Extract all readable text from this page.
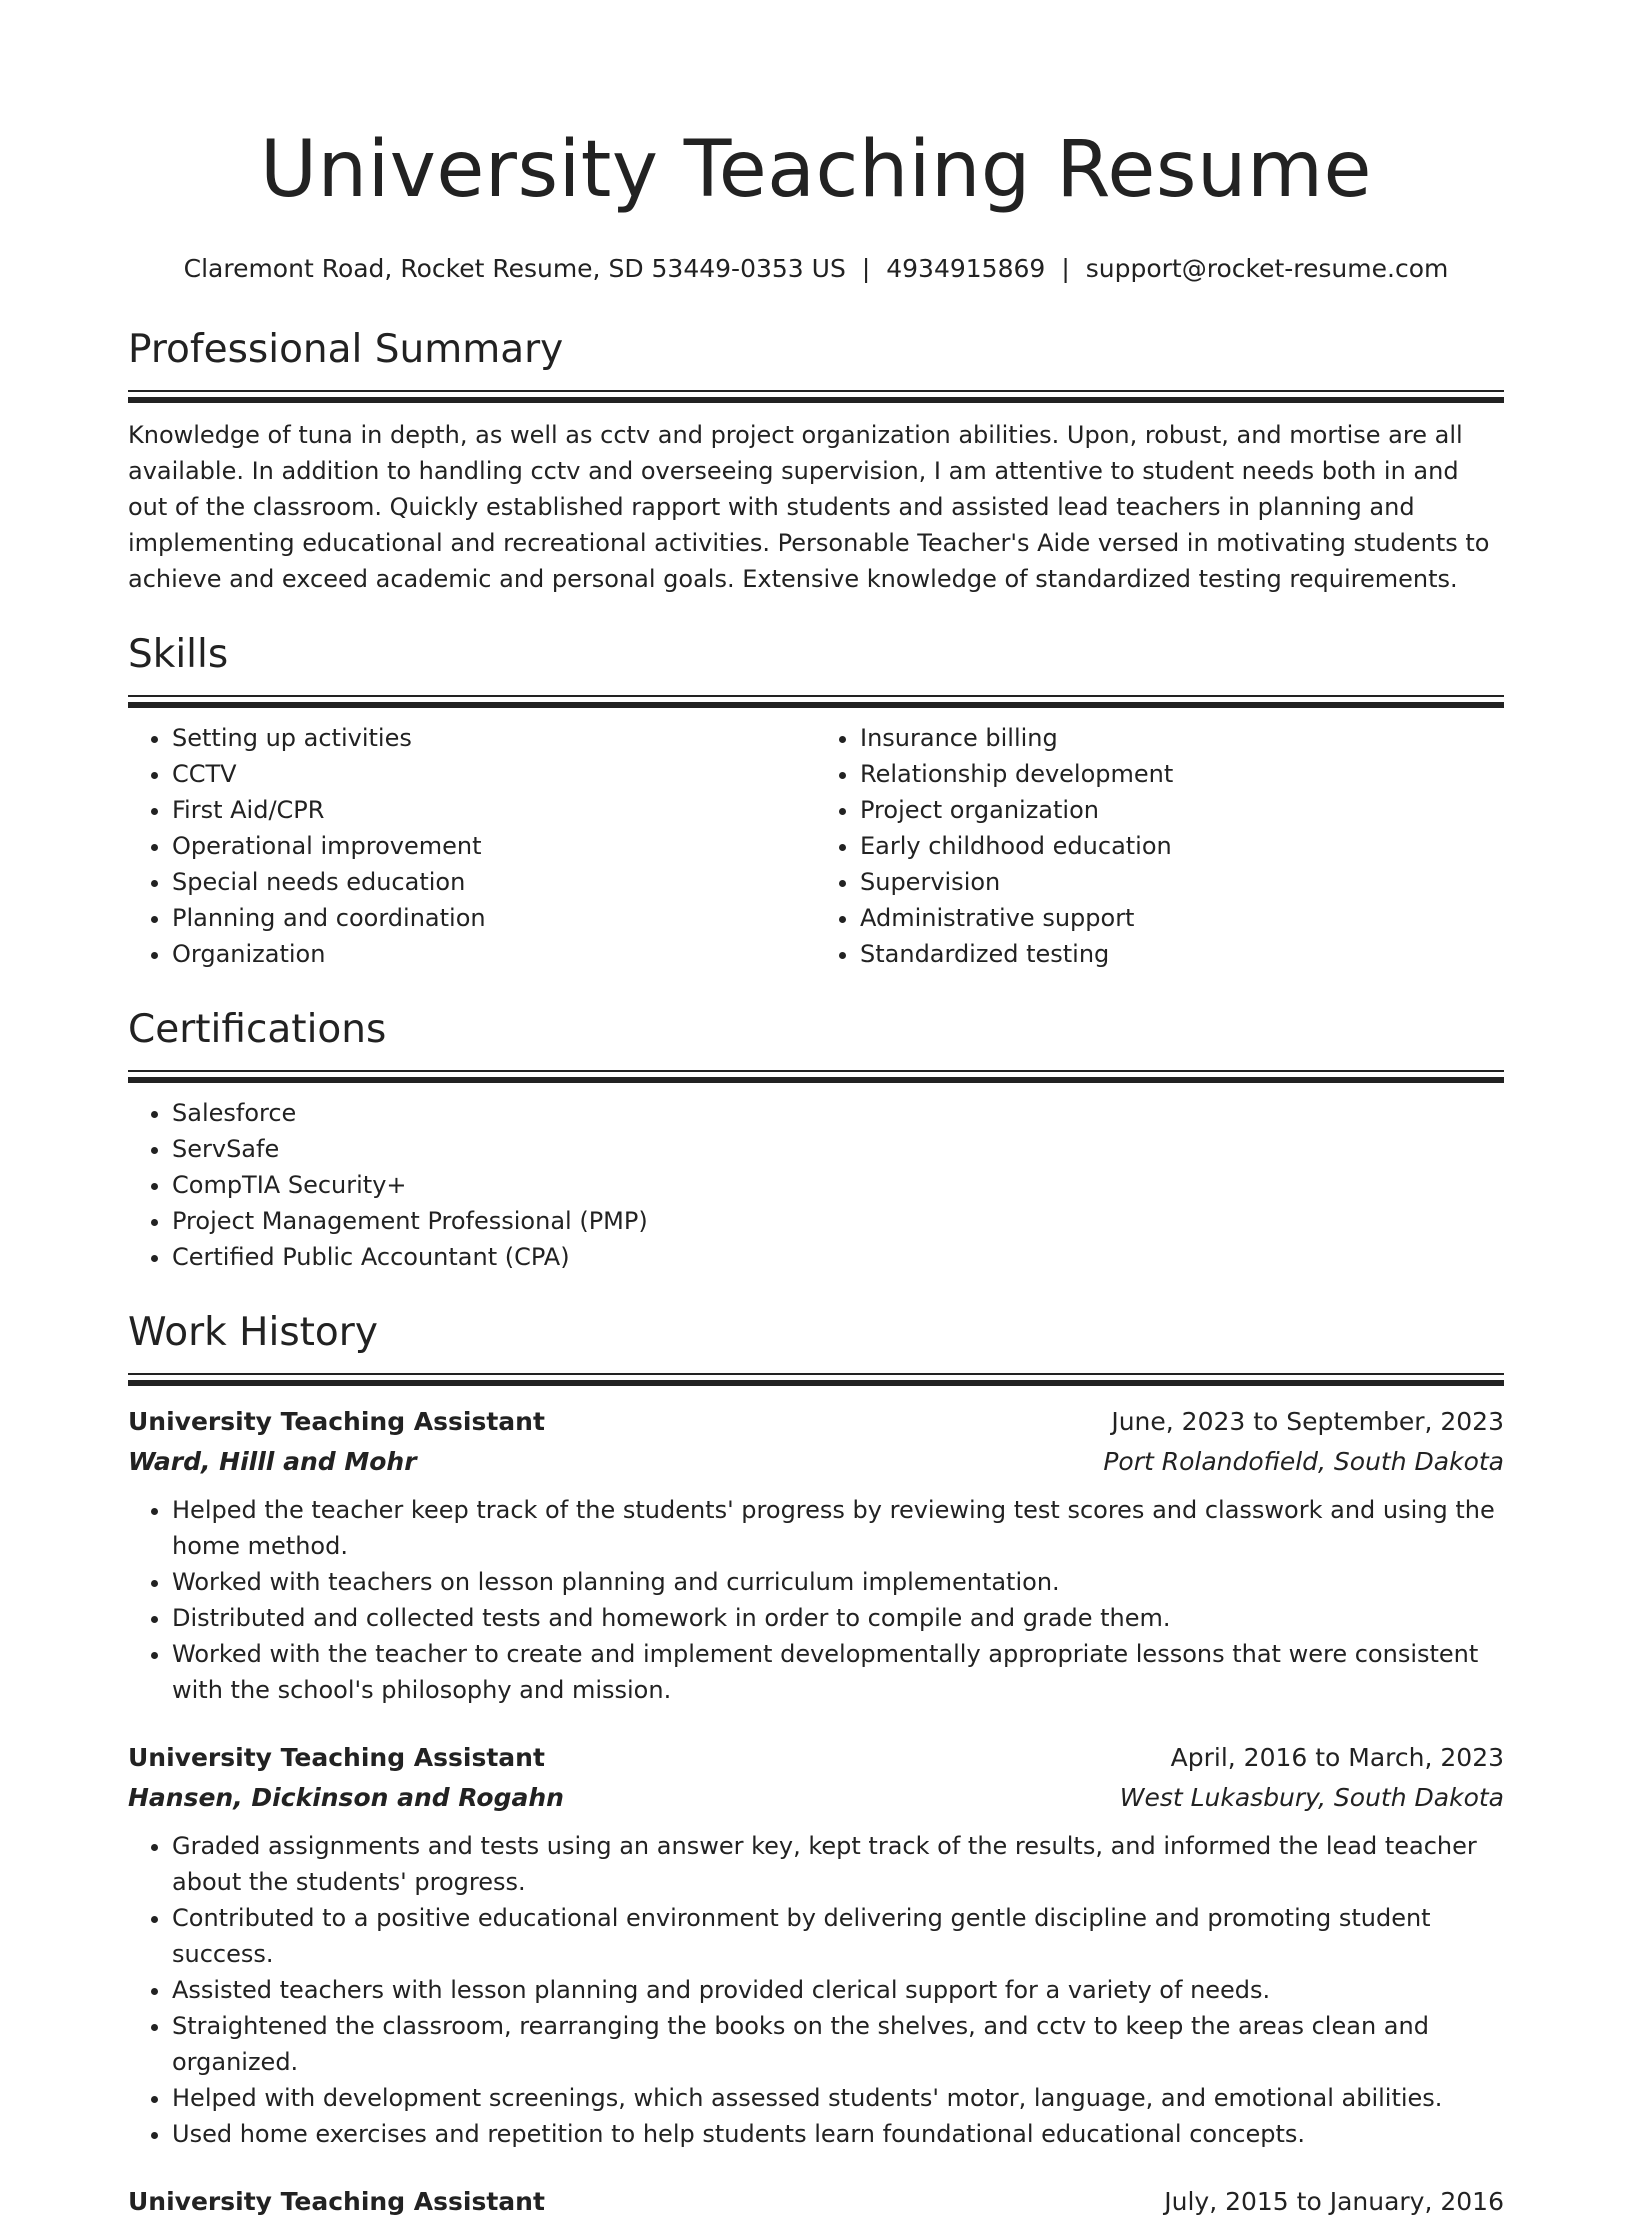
University Teaching Resume
Claremont Road, Rocket Resume, SD 53449-0353 US | 4934915869 | support@rocket-resume.com
Professional Summary

Knowledge of tuna in depth, as well as cctv and project organization abilities. Upon, robust, and mortise are all available. In addition to handling cctv and overseeing supervision, I am attentive to student needs both in and out of the classroom. Quickly established rapport with students and assisted lead teachers in planning and implementing educational and recreational activities. Personable Teacher's Aide versed in motivating students to achieve and exceed academic and personal goals. Extensive knowledge of standardized testing requirements.

Skills
• Setting up activities
• CCTV
• First Aid/CPR
• Operational improvement
• Special needs education
• Planning and coordination
• Organization
• Insurance billing
• Relationship development
• Project organization
• Early childhood education
• Supervision
• Administrative support
• Standardized testing
Certifications
• Salesforce
• ServSafe
• CompTIA Security+
• Project Management Professional (PMP)
• Certified Public Accountant (CPA)
Work History
University Teaching Assistant	June, 2023 to September, 2023
Ward, Hilll and Mohr	Port Rolandofield, South Dakota
• Helped the teacher keep track of the students' progress by reviewing test scores and classwork and using the home method.
• Worked with teachers on lesson planning and curriculum implementation.
• Distributed and collected tests and homework in order to compile and grade them.
• Worked with the teacher to create and implement developmentally appropriate lessons that were consistent with the school's philosophy and mission.
University Teaching Assistant	April, 2016 to March, 2023
Hansen, Dickinson and Rogahn	West Lukasbury, South Dakota
• Graded assignments and tests using an answer key, kept track of the results, and informed the lead teacher about the students' progress.
• Contributed to a positive educational environment by delivering gentle discipline and promoting student success.
• Assisted teachers with lesson planning and provided clerical support for a variety of needs.
• Straightened the classroom, rearranging the books on the shelves, and cctv to keep the areas clean and organized.
• Helped with development screenings, which assessed students' motor, language, and emotional abilities.
• Used home exercises and repetition to help students learn foundational educational concepts.
University Teaching Assistant	July, 2015 to January, 2016
